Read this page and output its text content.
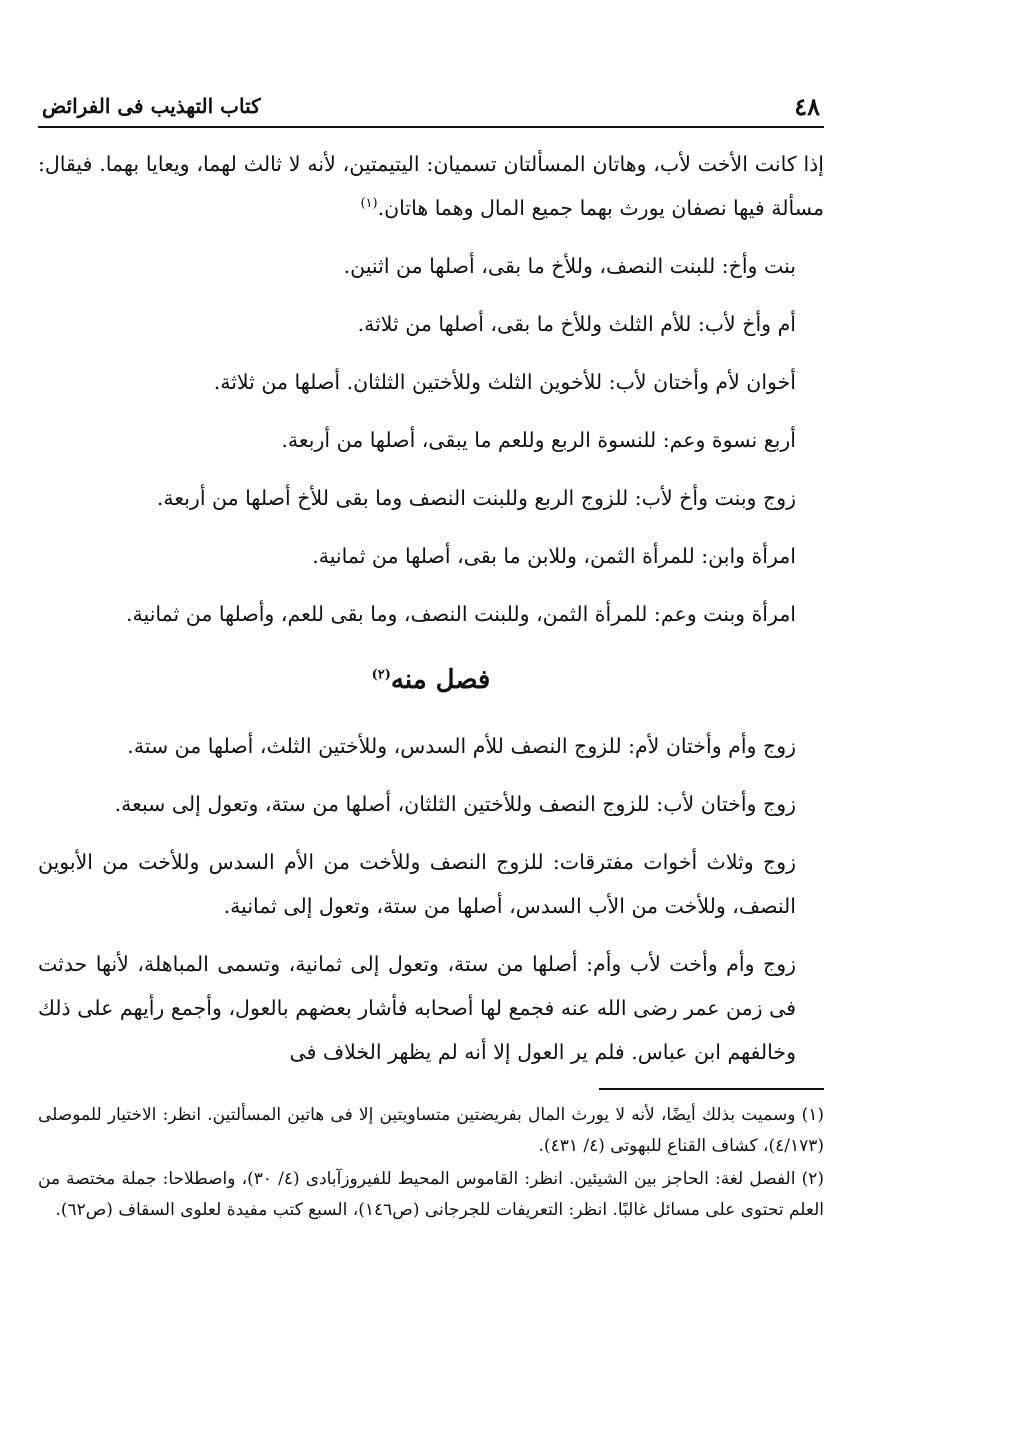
٤٨
كتاب التهذيب فى الفرائض

إذا كانت الأخت لأب، وهاتان المسألتان تسميان: اليتيمتين، لأنه لا ثالث لهما، ويعايا بهما. فيقال: مسألة فيها نصفان يورث بهما جميع المال وهما هاتان.$^{(١)}$

بنت وأخ: للبنت النصف، وللأخ ما بقى، أصلها من اثنين.

أم وأخ لأب: للأم الثلث وللأخ ما بقى، أصلها من ثلاثة.

أخوان لأم وأختان لأب: للأخوين الثلث وللأختين الثلثان. أصلها من ثلاثة.

أربع نسوة وعم: للنسوة الربع وللعم ما يبقى، أصلها من أربعة.

زوج وبنت وأخ لأب: للزوج الربع وللبنت النصف وما بقى للأخ أصلها من أربعة.

امرأة وابن: للمرأة الثمن، وللابن ما بقى، أصلها من ثمانية.

امرأة وبنت وعم: للمرأة الثمن، وللبنت النصف، وما بقى للعم، وأصلها من ثمانية.

فصل منه$^{(٢)}$

زوج وأم وأختان لأم: للزوج النصف للأم السدس، وللأختين الثلث، أصلها من ستة.

زوج وأختان لأب: للزوج النصف وللأختين الثلثان، أصلها من ستة، وتعول إلى سبعة.

زوج وثلاث أخوات مفترقات: للزوج النصف وللأخت من الأم السدس وللأخت من الأبوين النصف، وللأخت من الأب السدس، أصلها من ستة، وتعول إلى ثمانية.

زوج وأم وأخت لأب وأم: أصلها من ستة، وتعول إلى ثمانية، وتسمى المباهلة، لأنها حدثت فى زمن عمر رضى الله عنه فجمع لها أصحابه فأشار بعضهم بالعول، وأجمع رأيهم على ذلك وخالفهم ابن عباس. فلم ير العول إلا أنه لم يظهر الخلاف فى

(١) وسميت بذلك أيضًا، لأنه لا يورث المال بفريضتين متساويتين إلا فى هاتين المسألتين. انظر: الاختيار للموصلى (٤/١٧٣)، كشاف القناع للبهوتى (٤/ ٤٣١).

(٢) الفصل لغة: الحاجز بين الشيئين. انظر: القاموس المحيط للفيروزآبادى (٤/ ٣٠)، واصطلاحا: جملة مختصة من العلم تحتوى على مسائل غالبًا. انظر: التعريفات للجرجانى (ص١٤٦)، السبع كتب مفيدة لعلوى السقاف (ص٦٢).
